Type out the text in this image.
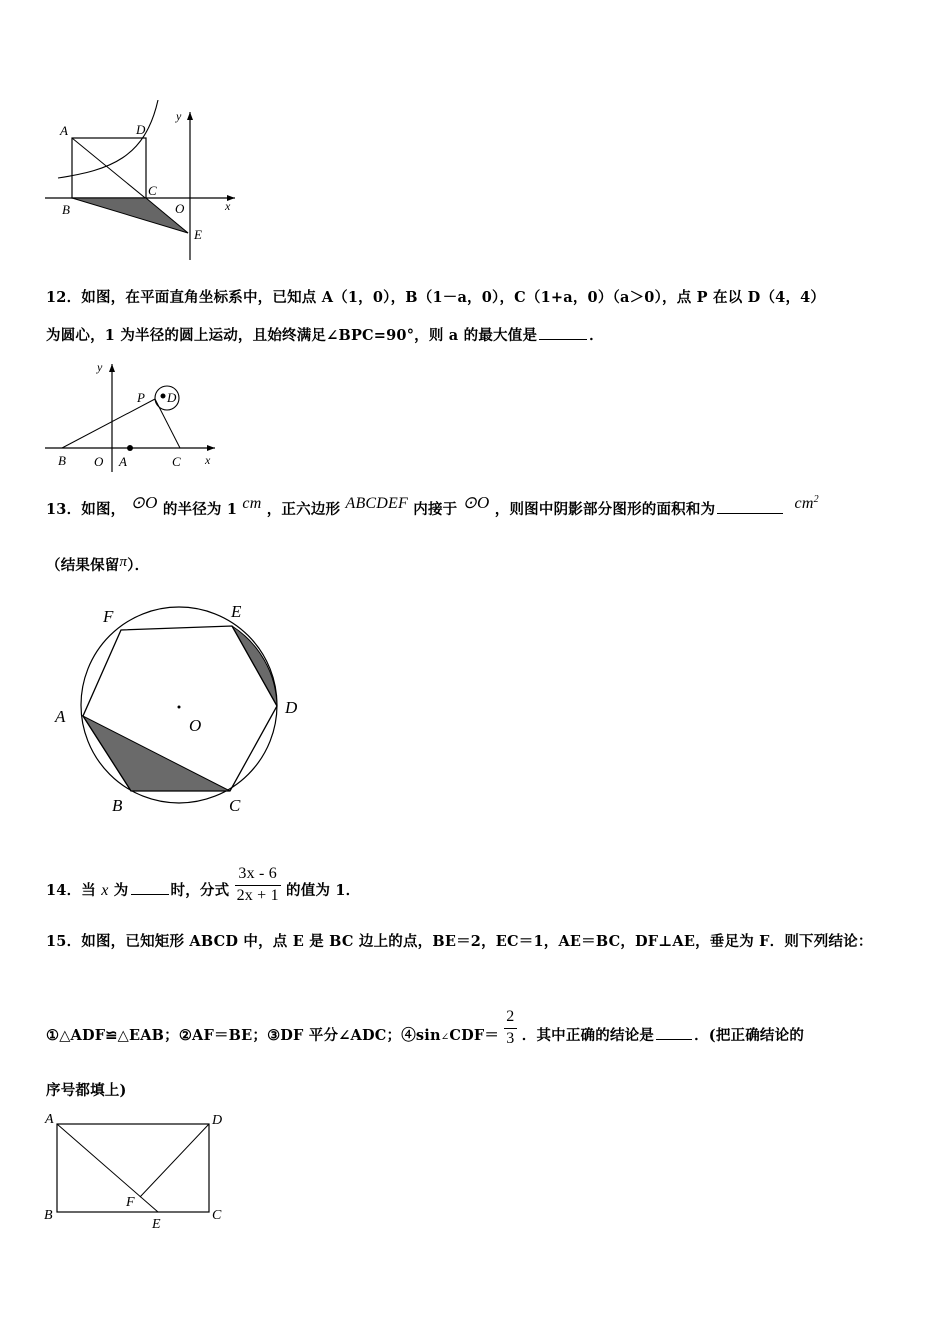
A	D
C
B	O
E
x
y
12．如图，在平面直角坐标系中，已知点 A（1，0），B（1－a，0），C（1+a，0）（a＞0），点 P 在以 D（4，4）
为圆心，1 为半径的圆上运动，且始终满足∠BPC=90°，则 a 的最大值是	．
B O A	C
P D
x
y
13．如图， ⊙O 的半径为 1 cm ，正六边形 ABCDEF 内接于 ⊙O ，则图中阴影部分图形的面积和为	$cm^2$
（结果保留π）．
A
B	C
D
E
F
O
14．当 x 为	时，分式 $\frac{3x - 6}{2x + 1}$ 的值为 1．
15．如图，已知矩形 ABCD 中，点 E 是 BC 边上的点，BE＝2，EC＝1，AE＝BC，DF⊥AE，垂足为 F．则下列结论：
①△ADF≌△EAB；②AF＝BE；③DF 平分∠ADC；④sin∠CDF＝ $\frac{2}{3}$ ．其中正确的结论是	．(把正确结论的
序号都填上)
A
B	C
D
E
F
